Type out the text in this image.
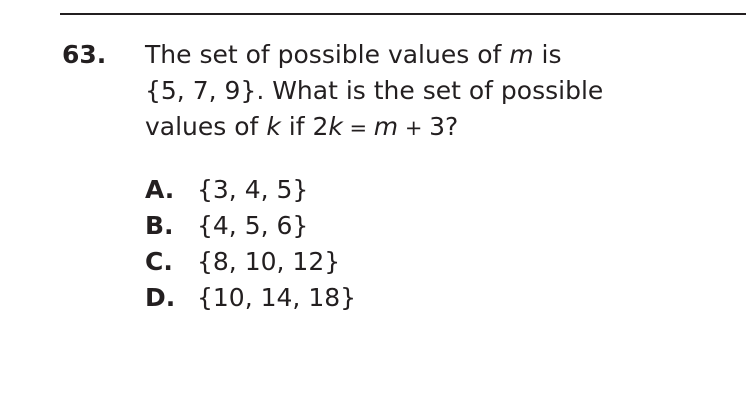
63. The set of possible values of m is
{5, 7, 9}. What is the set of possible
values of k if 2k = m + 3?
A. {3, 4, 5}
B. {4, 5, 6}
C. {8, 10, 12}
D. {10, 14, 18}
